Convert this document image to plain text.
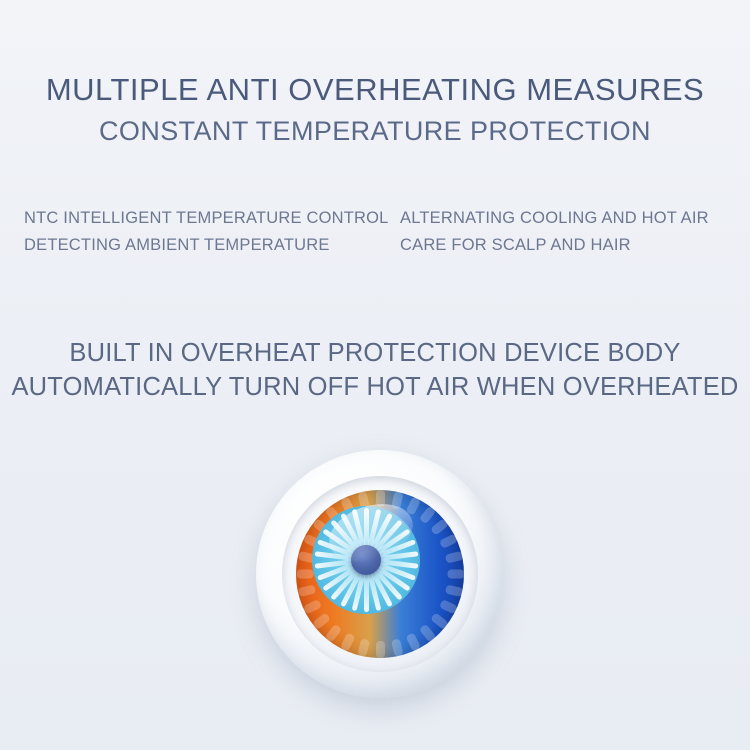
MULTIPLE ANTI OVERHEATING MEASURES
CONSTANT TEMPERATURE PROTECTION
NTC INTELLIGENT TEMPERATURE CONTROL
DETECTING AMBIENT TEMPERATURE
ALTERNATING COOLING AND HOT AIR
CARE FOR SCALP AND HAIR
BUILT IN OVERHEAT PROTECTION DEVICE BODY
AUTOMATICALLY TURN OFF HOT AIR WHEN OVERHEATED
